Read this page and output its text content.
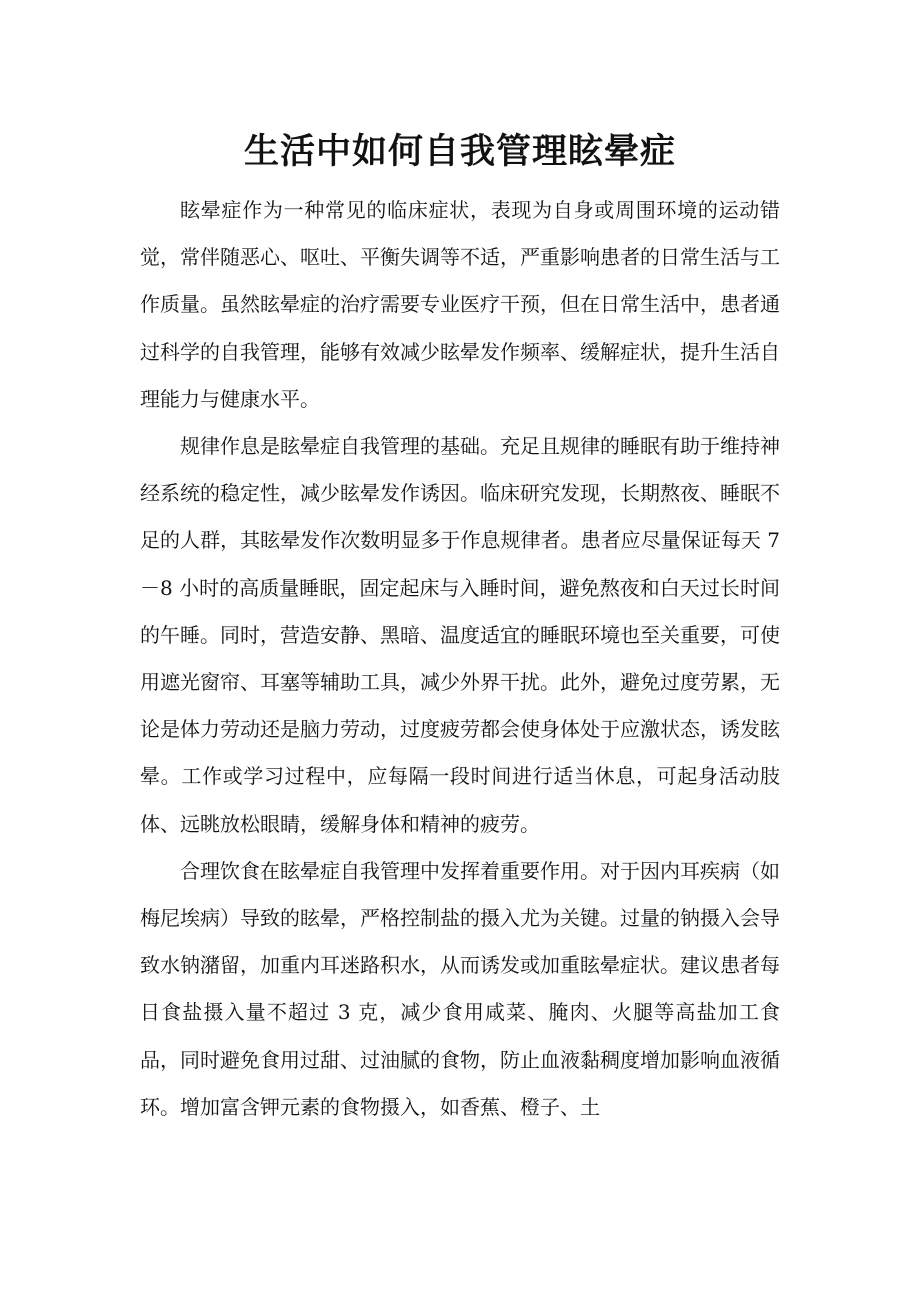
生活中如何自我管理眩晕症

眩晕症作为一种常见的临床症状，表现为自身或周围环境的运动错觉，常伴随恶心、呕吐、平衡失调等不适，严重影响患者的日常生活与工作质量。虽然眩晕症的治疗需要专业医疗干预，但在日常生活中，患者通过科学的自我管理，能够有效减少眩晕发作频率、缓解症状，提升生活自理能力与健康水平。

规律作息是眩晕症自我管理的基础。充足且规律的睡眠有助于维持神经系统的稳定性，减少眩晕发作诱因。临床研究发现，长期熬夜、睡眠不足的人群，其眩晕发作次数明显多于作息规律者。患者应尽量保证每天 7－8 小时的高质量睡眠，固定起床与入睡时间，避免熬夜和白天过长时间的午睡。同时，营造安静、黑暗、温度适宜的睡眠环境也至关重要，可使用遮光窗帘、耳塞等辅助工具，减少外界干扰。此外，避免过度劳累，无论是体力劳动还是脑力劳动，过度疲劳都会使身体处于应激状态，诱发眩晕。工作或学习过程中，应每隔一段时间进行适当休息，可起身活动肢体、远眺放松眼睛，缓解身体和精神的疲劳。

合理饮食在眩晕症自我管理中发挥着重要作用。对于因内耳疾病（如梅尼埃病）导致的眩晕，严格控制盐的摄入尤为关键。过量的钠摄入会导致水钠潴留，加重内耳迷路积水，从而诱发或加重眩晕症状。建议患者每日食盐摄入量不超过 3 克，减少食用咸菜、腌肉、火腿等高盐加工食品，同时避免食用过甜、过油腻的食物，防止血液黏稠度增加影响血液循环。增加富含钾元素的食物摄入，如香蕉、橙子、土
